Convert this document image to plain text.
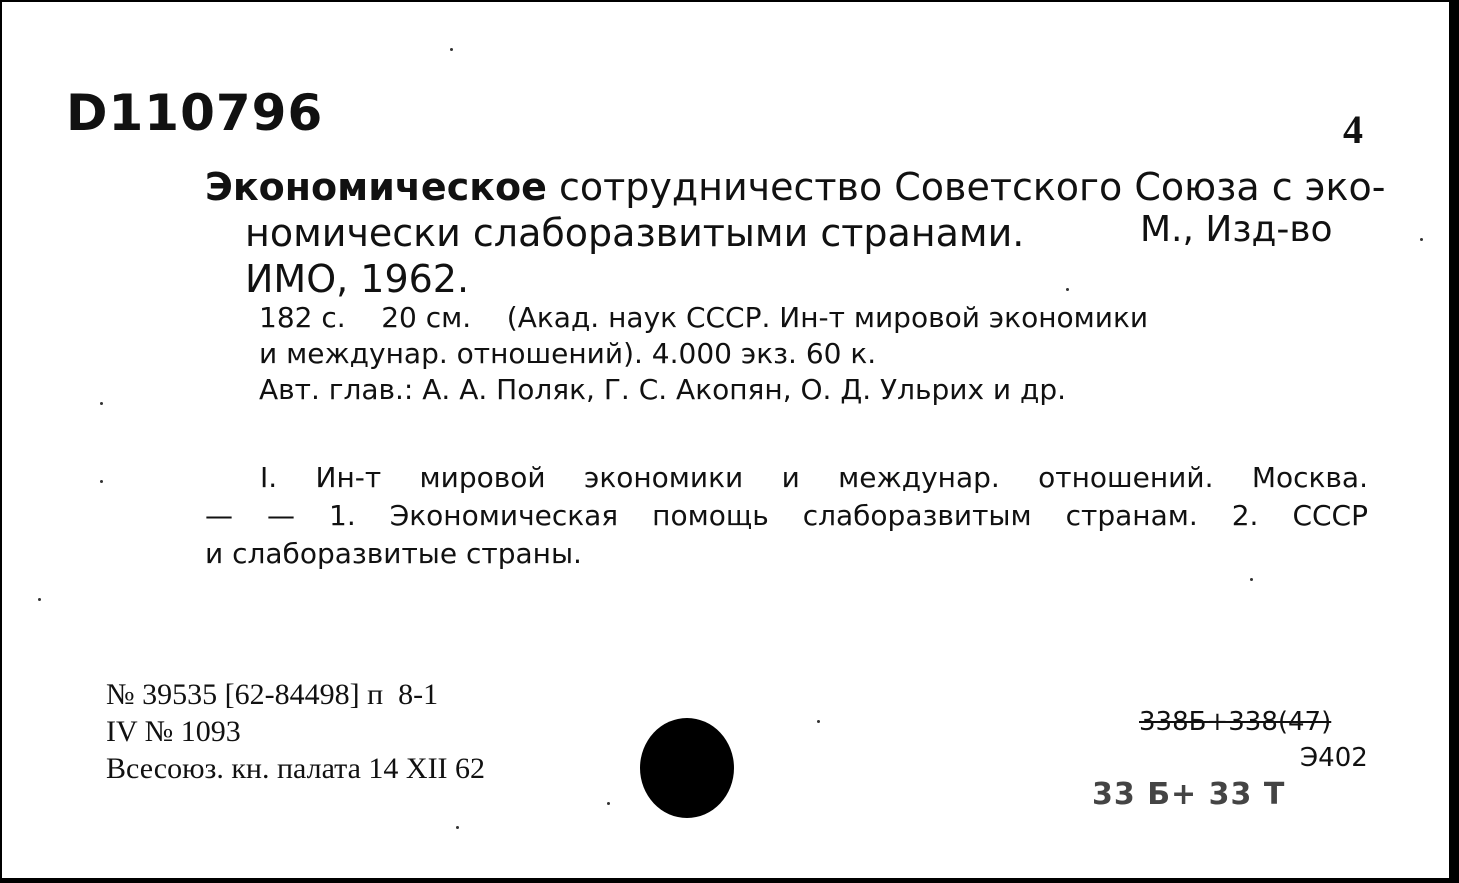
D110796	4
Экономическое сотрудничество Советского Союза с эко-
номически слаборазвитыми странами.	М., Изд-во
ИМО, 1962.
182 с.    20 см.    (Акад. наук СССР. Ин-т мировой экономики
и междунар. отношений). 4.000 экз. 60 к.
Авт. глав.: А. А. Поляк, Г. С. Акопян, О. Д. Ульрих и др.
I. Ин-т мировой экономики и междунар. отношений. Москва.
— — 1. Экономическая помощь слаборазвитым странам. 2. СССР
и слаборазвитые страны.
№ 39535 [62-84498] п  8-1
IV № 1093
Всесоюз. кн. палата 14 XII 62
338Б+338(47)
Э402
33 Б+ 33 Т
